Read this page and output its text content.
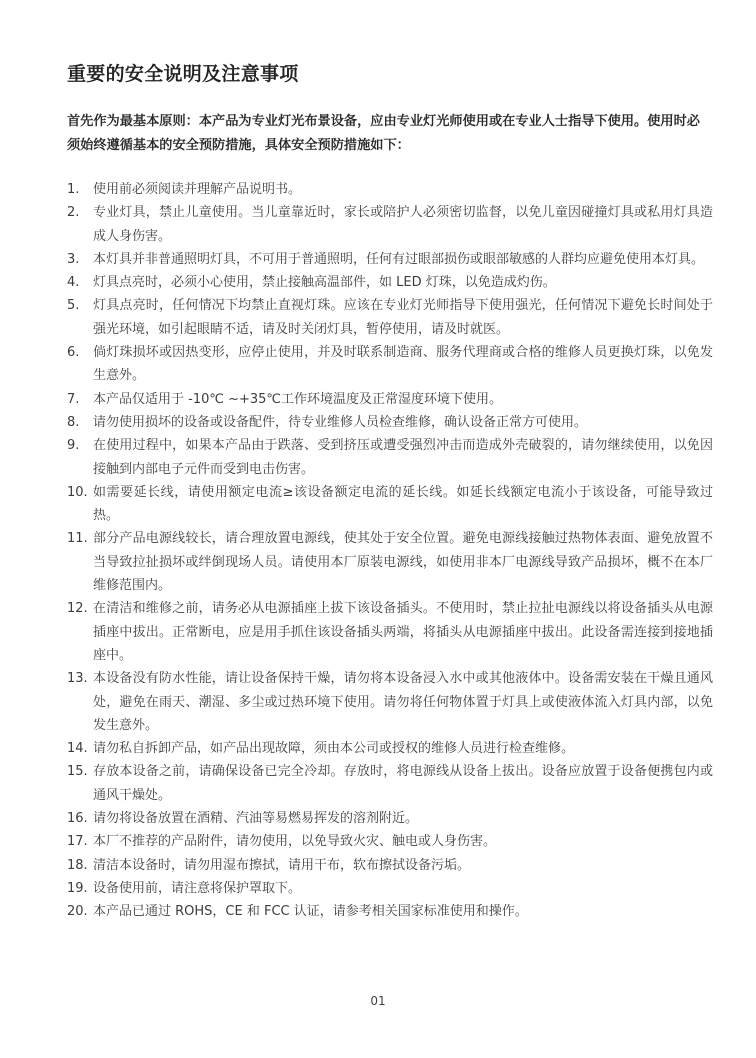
重要的安全说明及注意事项

首先作为最基本原则：本产品为专业灯光布景设备，应由专业灯光师使用或在专业人士指导下使用。使用时必须始终遵循基本的安全预防措施，具体安全预防措施如下：

1.	使用前必须阅读并理解产品说明书。
2.	专业灯具，禁止儿童使用。当儿童靠近时，家长或陪护人必须密切监督，以免儿童因碰撞灯具或私用灯具造成人身伤害。
3.	本灯具并非普通照明灯具，不可用于普通照明，任何有过眼部损伤或眼部敏感的人群均应避免使用本灯具。
4.	灯具点亮时，必须小心使用，禁止接触高温部件，如 LED 灯珠，以免造成灼伤。
5.	灯具点亮时，任何情况下均禁止直视灯珠。应该在专业灯光师指导下使用强光，任何情况下避免长时间处于强光环境，如引起眼睛不适，请及时关闭灯具，暂停使用，请及时就医。
6.	倘灯珠损坏或因热变形，应停止使用，并及时联系制造商、服务代理商或合格的维修人员更换灯珠，以免发生意外。
7.	本产品仅适用于 -10℃ ~+35℃工作环境温度及正常湿度环境下使用。
8.	请勿使用损坏的设备或设备配件，待专业维修人员检查维修，确认设备正常方可使用。
9.	在使用过程中，如果本产品由于跌落、受到挤压或遭受强烈冲击而造成外壳破裂的，请勿继续使用，以免因接触到内部电子元件而受到电击伤害。
10. 如需要延长线，请使用额定电流≥该设备额定电流的延长线。如延长线额定电流小于该设备，可能导致过热。
11. 部分产品电源线较长，请合理放置电源线，使其处于安全位置。避免电源线接触过热物体表面、避免放置不当导致拉扯损坏或绊倒现场人员。请使用本厂原装电源线，如使用非本厂电源线导致产品损坏，概不在本厂维修范围内。
12. 在清洁和维修之前，请务必从电源插座上拔下该设备插头。不使用时，禁止拉扯电源线以将设备插头从电源插座中拔出。正常断电，应是用手抓住该设备插头两端，将插头从电源插座中拔出。此设备需连接到接地插座中。
13. 本设备没有防水性能，请让设备保持干燥，请勿将本设备浸入水中或其他液体中。设备需安装在干燥且通风处，避免在雨天、潮湿、多尘或过热环境下使用。请勿将任何物体置于灯具上或使液体流入灯具内部，以免发生意外。
14. 请勿私自拆卸产品，如产品出现故障，须由本公司或授权的维修人员进行检查维修。
15. 存放本设备之前，请确保设备已完全冷却。存放时，将电源线从设备上拔出。设备应放置于设备便携包内或通风干燥处。
16. 请勿将设备放置在酒精、汽油等易燃易挥发的溶剂附近。
17. 本厂不推荐的产品附件，请勿使用，以免导致火灾、触电或人身伤害。
18. 清洁本设备时，请勿用湿布擦拭，请用干布，软布擦拭设备污垢。
19. 设备使用前，请注意将保护罩取下。
20. 本产品已通过 ROHS，CE 和 FCC 认证，请参考相关国家标准使用和操作。
01
